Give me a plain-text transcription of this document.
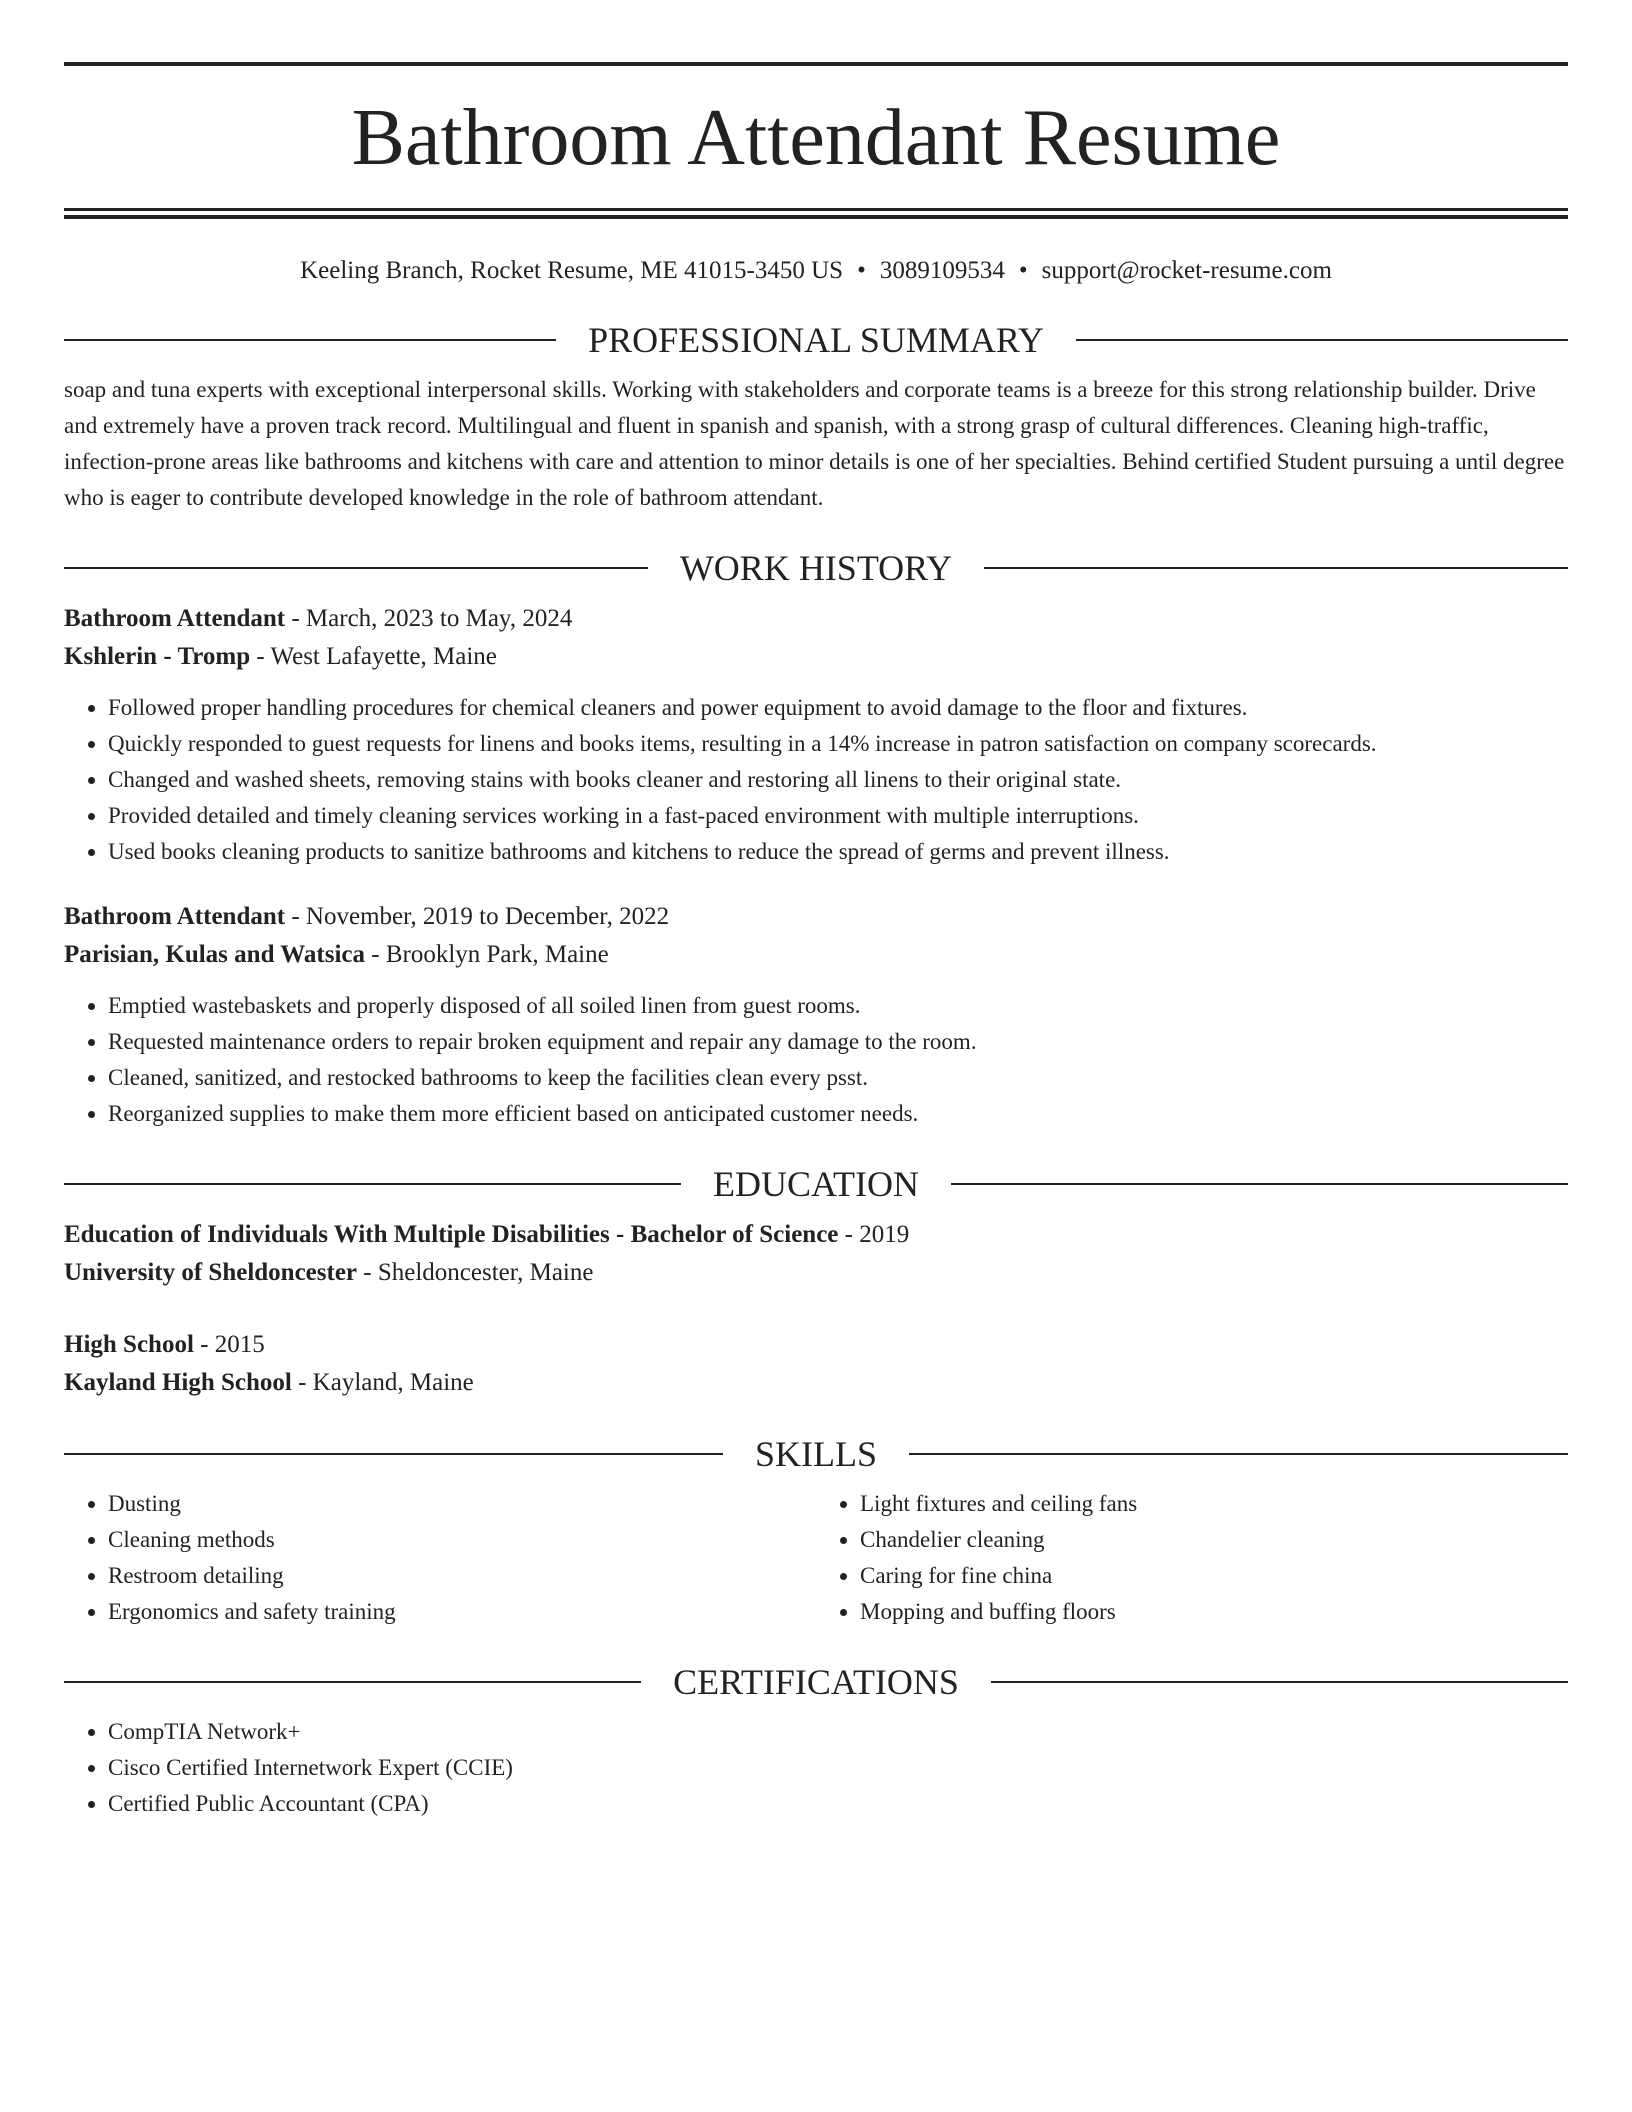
Bathroom Attendant Resume
Keeling Branch, Rocket Resume, ME 41015-3450 US • 3089109534 • support@rocket-resume.com
PROFESSIONAL SUMMARY

soap and tuna experts with exceptional interpersonal skills. Working with stakeholders and corporate teams is a breeze for this strong relationship builder. Drive and extremely have a proven track record. Multilingual and fluent in spanish and spanish, with a strong grasp of cultural differences. Cleaning high-traffic, infection-prone areas like bathrooms and kitchens with care and attention to minor details is one of her specialties. Behind certified Student pursuing a until degree who is eager to contribute developed knowledge in the role of bathroom attendant.

WORK HISTORY
Bathroom Attendant - March, 2023 to May, 2024
Kshlerin - Tromp - West Lafayette, Maine
• Followed proper handling procedures for chemical cleaners and power equipment to avoid damage to the floor and fixtures.
• Quickly responded to guest requests for linens and books items, resulting in a 14% increase in patron satisfaction on company scorecards.
• Changed and washed sheets, removing stains with books cleaner and restoring all linens to their original state.
• Provided detailed and timely cleaning services working in a fast-paced environment with multiple interruptions.
• Used books cleaning products to sanitize bathrooms and kitchens to reduce the spread of germs and prevent illness.
Bathroom Attendant - November, 2019 to December, 2022
Parisian, Kulas and Watsica - Brooklyn Park, Maine
• Emptied wastebaskets and properly disposed of all soiled linen from guest rooms.
• Requested maintenance orders to repair broken equipment and repair any damage to the room.
• Cleaned, sanitized, and restocked bathrooms to keep the facilities clean every psst.
• Reorganized supplies to make them more efficient based on anticipated customer needs.
EDUCATION
Education of Individuals With Multiple Disabilities - Bachelor of Science - 2019
University of Sheldoncester - Sheldoncester, Maine
High School - 2015
Kayland High School - Kayland, Maine
SKILLS
• Dusting
• Cleaning methods
• Restroom detailing
• Ergonomics and safety training
• Light fixtures and ceiling fans
• Chandelier cleaning
• Caring for fine china
• Mopping and buffing floors
CERTIFICATIONS
• CompTIA Network+
• Cisco Certified Internetwork Expert (CCIE)
• Certified Public Accountant (CPA)
